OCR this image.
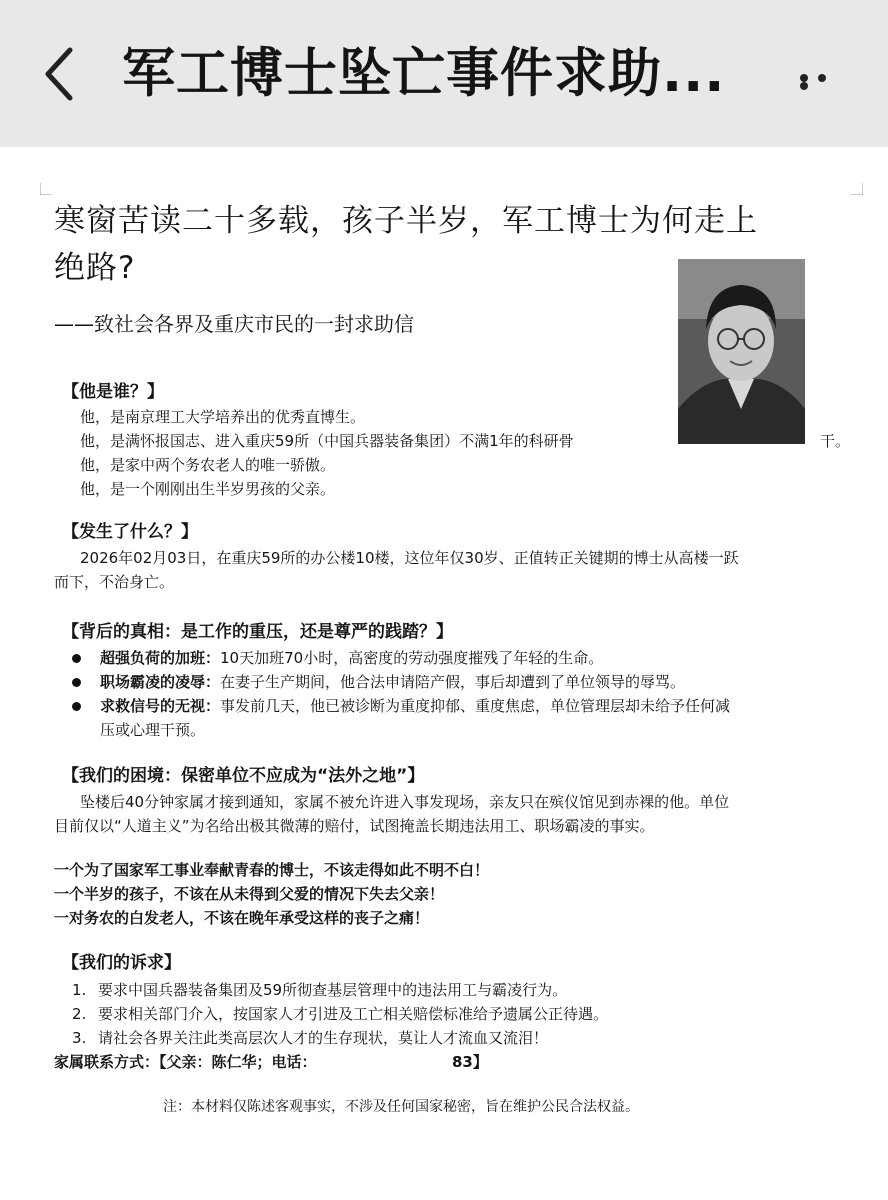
军工博士坠亡事件求助...
寒窗苦读二十多载，孩子半岁，军工博士为何走上
绝路?

——致社会各界及重庆市民的一封求助信

【他是谁？】

他，是南京理工大学培养出的优秀直博生。

他，是满怀报国志、进入重庆59所（中国兵器装备集团）不满1年的科研骨	干。

他，是家中两个务农老人的唯一骄傲。

他，是一个刚刚出生半岁男孩的父亲。

【发生了什么？】

2026年02月03日，在重庆59所的办公楼10楼，这位年仅30岁、正值转正关键期的博士从高楼一跃

而下，不治身亡。

【背后的真相：是工作的重压，还是尊严的践踏？】

超强负荷的加班：10天加班70小时，高密度的劳动强度摧残了年轻的生命。
职场霸凌的凌辱：在妻子生产期间，他合法申请陪产假，事后却遭到了单位领导的辱骂。
求救信号的无视：事发前几天，他已被诊断为重度抑郁、重度焦虑，单位管理层却未给予任何减

压或心理干预。

【我们的困境：保密单位不应成为“法外之地”】

坠楼后40分钟家属才接到通知，家属不被允许进入事发现场，亲友只在殡仪馆见到赤裸的他。单位

目前仅以“人道主义”为名给出极其微薄的赔付，试图掩盖长期违法用工、职场霸凌的事实。

一个为了国家军工事业奉献青春的博士，不该走得如此不明不白！

一个半岁的孩子，不该在从未得到父爱的情况下失去父亲！

一对务农的白发老人，不该在晚年承受这样的丧子之痛！

【我们的诉求】

1. 要求中国兵器装备集团及59所彻查基层管理中的违法用工与霸凌行为。

2. 要求相关部门介入，按国家人才引进及工亡相关赔偿标准给予遗属公正待遇。

3. 请社会各界关注此类高层次人才的生存现状，莫让人才流血又流泪！

家属联系方式：【父亲：陈仁华；电话：	83】

注：本材料仅陈述客观事实，不涉及任何国家秘密，旨在维护公民合法权益。
